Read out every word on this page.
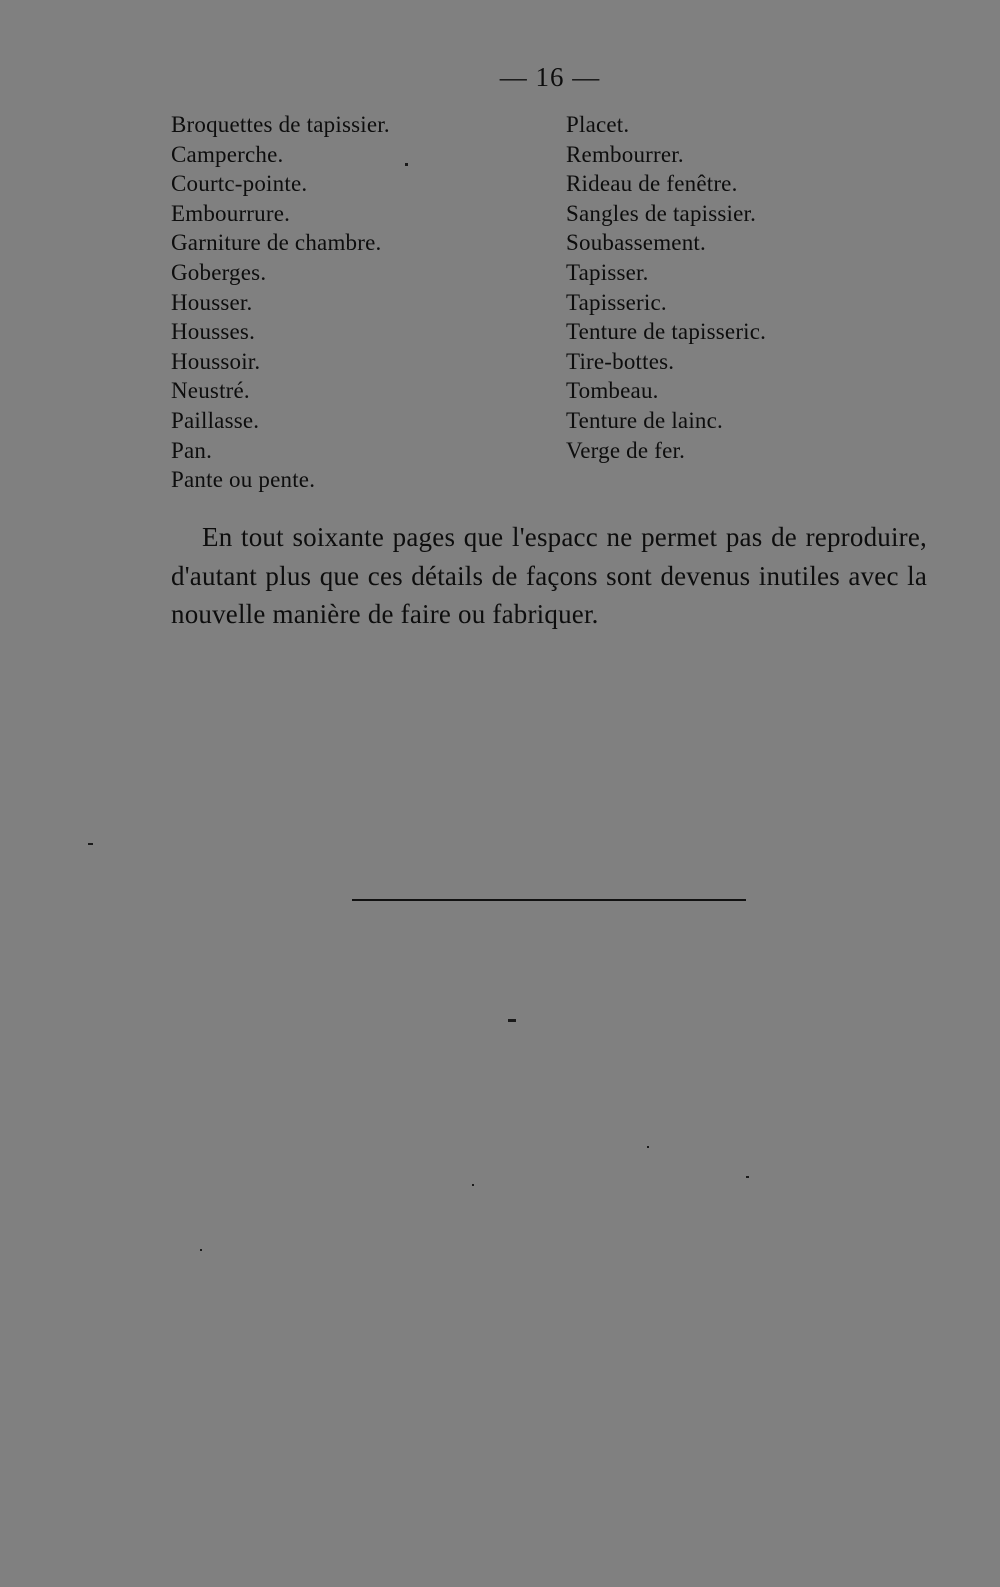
— 16 —
Broquettes de tapissier.
Camperche.
Courtc-pointe.
Embourrure.
Garniture de chambre.
Goberges.
Housser.
Housses.
Houssoir.
Neustré.
Paillasse.
Pan.
Pante ou pente.
Placet.
Rembourrer.
Rideau de fenêtre.
Sangles de tapissier.
Soubassement.
Tapisser.
Tapisseric.
Tenture de tapisseric.
Tire-bottes.
Tombeau.
Tenture de lainc.
Verge de fer.

En tout soixante pages que l'espacc ne permet pas de reproduire, d'autant plus que ces détails de façons sont devenus inutiles avec la nouvelle manière de faire ou fabriquer.
